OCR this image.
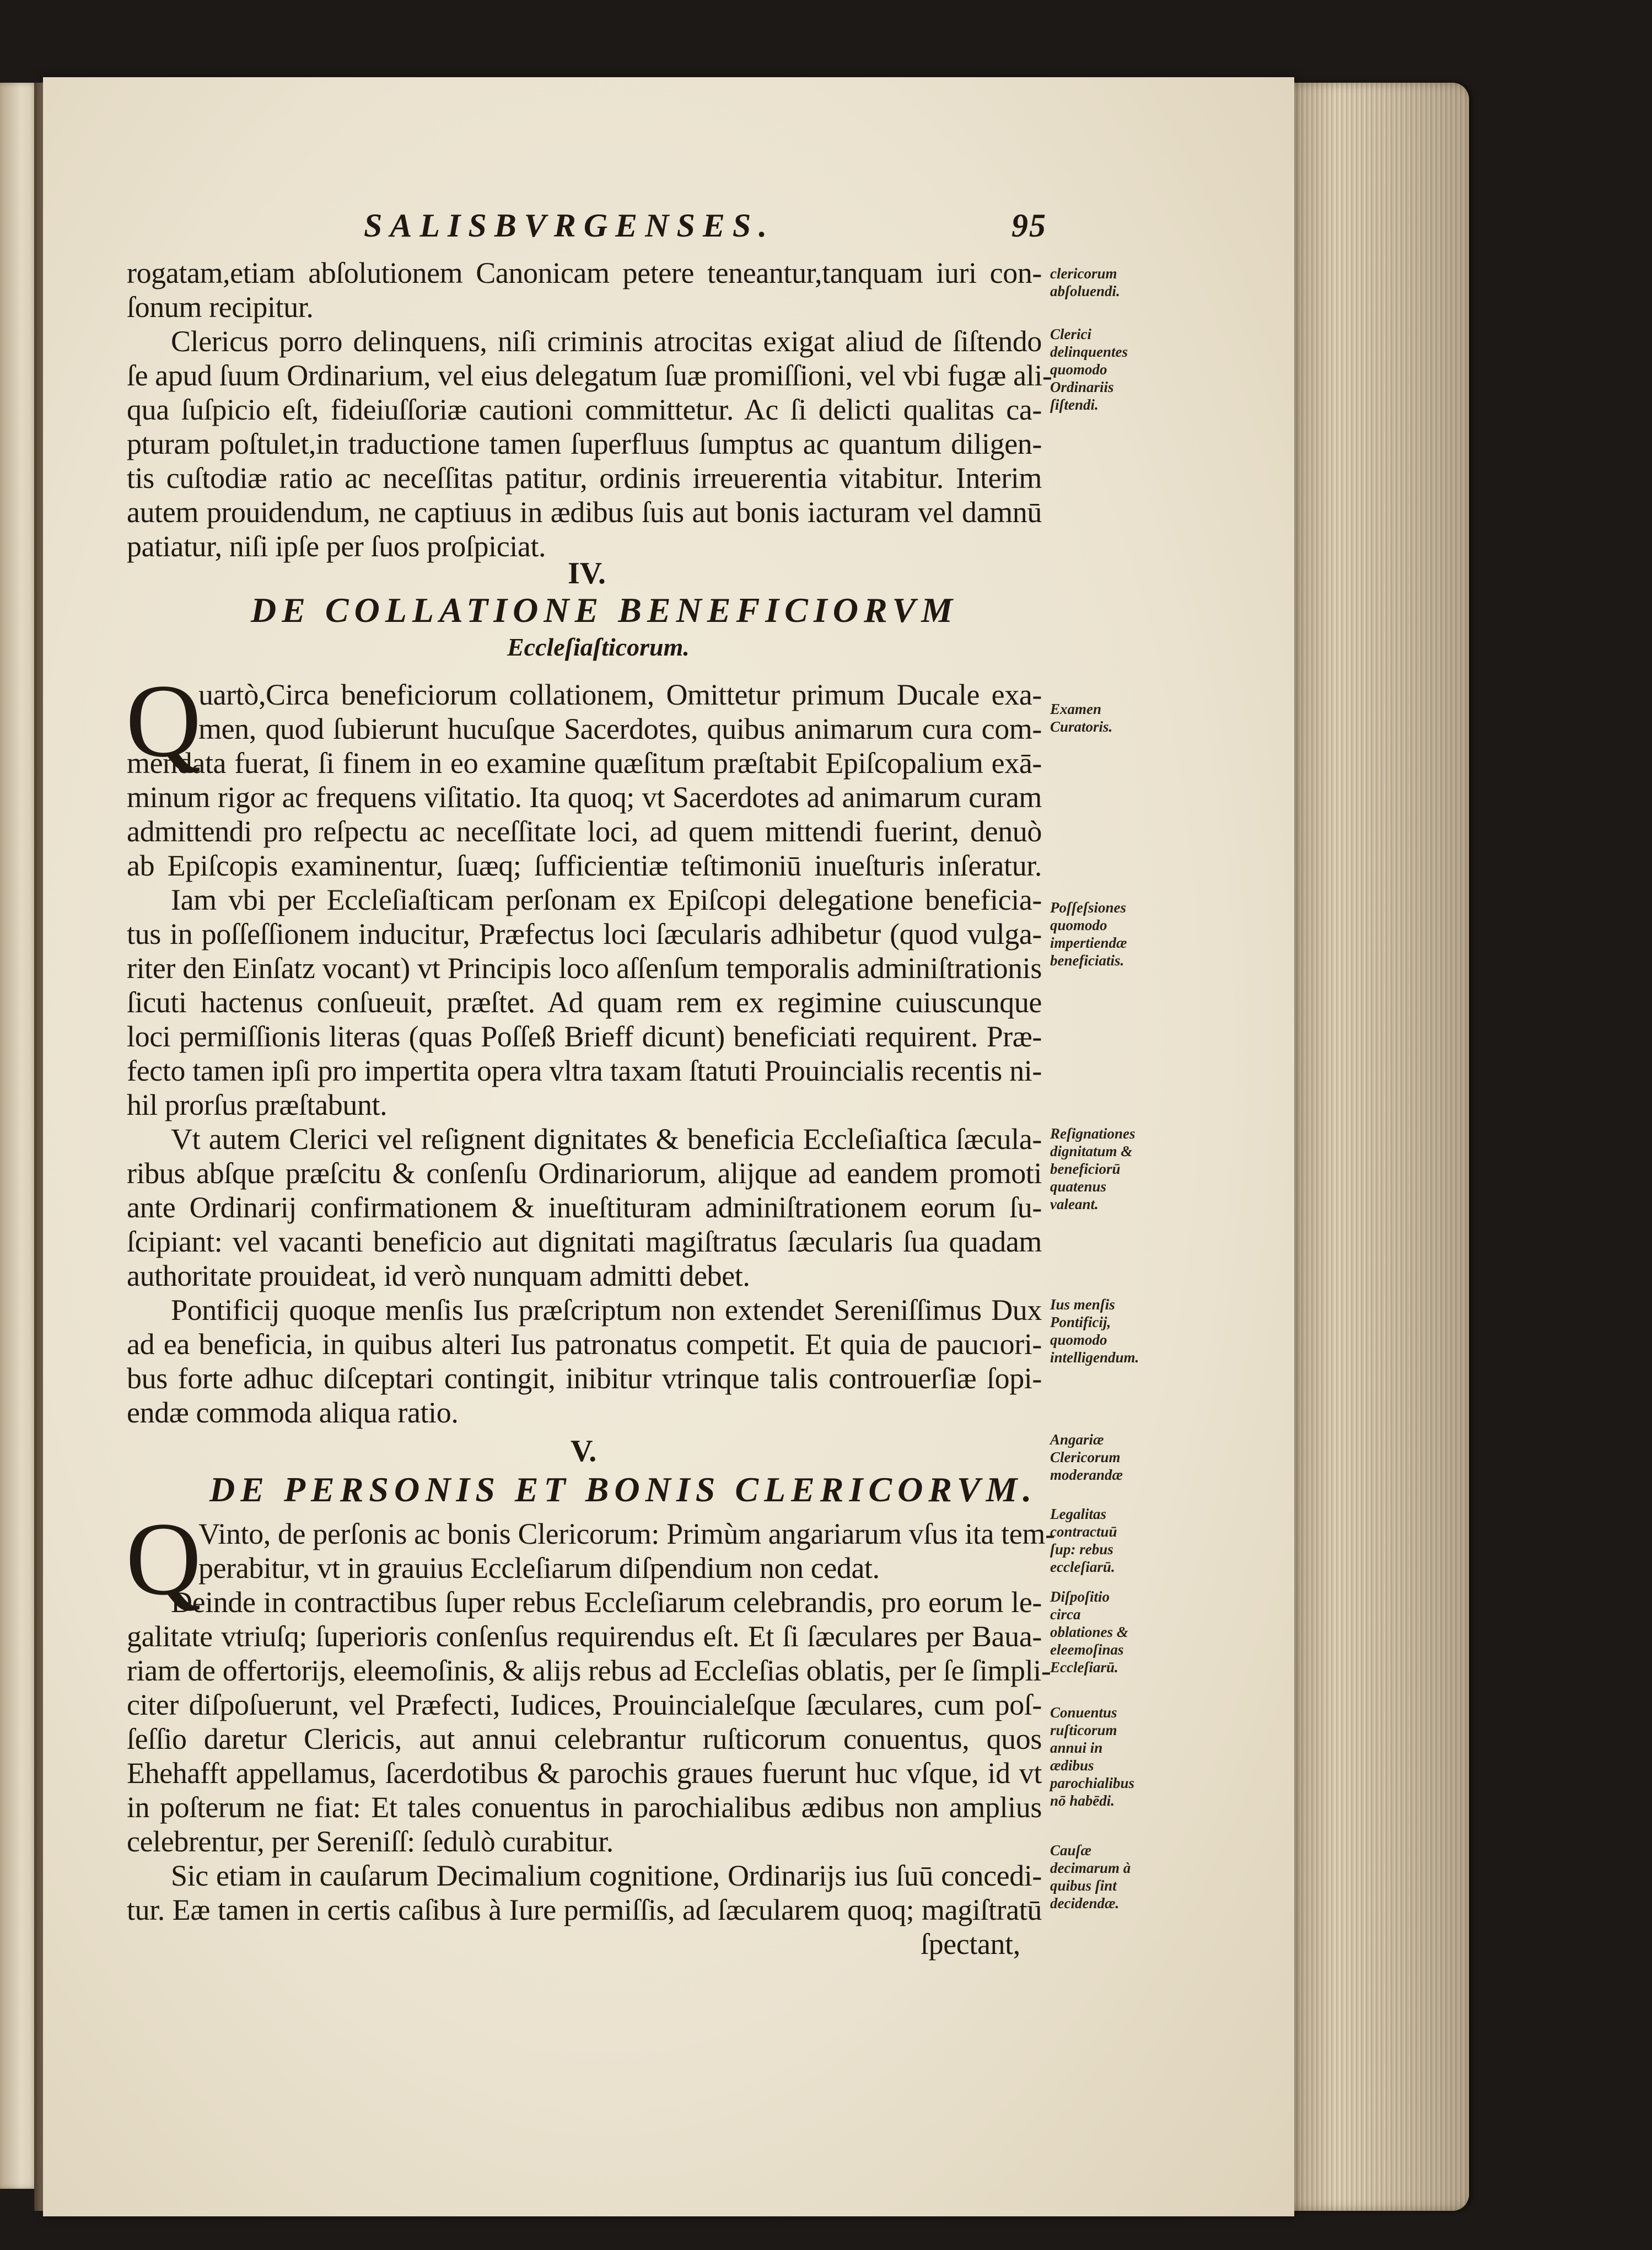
SALISBVRGENSES.	95
rogatam,etiam abſolutionem Canonicam petere teneantur,tanquam iuri con-
ſonum recipitur.
Clericus porro delinquens, niſi criminis atrocitas exigat aliud de ſiſtendo
ſe apud ſuum Ordinarium, vel eius delegatum ſuæ promiſſioni, vel vbi fugæ ali-
qua ſuſpicio eſt, fideiuſſoriæ cautioni committetur. Ac ſi delicti qualitas ca-
pturam poſtulet,in traductione tamen ſuperfluus ſumptus ac quantum diligen-
tis cuſtodiæ ratio ac neceſſitas patitur, ordinis irreuerentia vitabitur. Interim
autem prouidendum, ne captiuus in ædibus ſuis aut bonis iacturam vel damnū
patiatur, niſi ipſe per ſuos proſpiciat.
IV.
DE COLLATIONE BENEFICIORVM
Eccleſiaſticorum.
Q
uartò,Circa beneficiorum collationem, Omittetur primum Ducale exa-
men, quod ſubierunt hucuſque Sacerdotes, quibus animarum cura com-
mendata fuerat, ſi finem in eo examine quæſitum præſtabit Epiſcopalium exā-
minum rigor ac frequens viſitatio. Ita quoq; vt Sacerdotes ad animarum curam
admittendi pro reſpectu ac neceſſitate loci, ad quem mittendi fuerint, denuò
ab Epiſcopis examinentur, ſuæq; ſufficientiæ teſtimoniū inueſturis inſeratur.
Iam vbi per Eccleſiaſticam perſonam ex Epiſcopi delegatione beneficia-
tus in poſſeſſionem inducitur, Præfectus loci ſæcularis adhibetur (quod vulga-
riter den Einſatz vocant) vt Principis loco aſſenſum temporalis adminiſtrationis
ſicuti hactenus conſueuit, præſtet. Ad quam rem ex regimine cuiuscunque
loci permiſſionis literas (quas Poſſeß Brieff dicunt) beneficiati requirent. Præ-
fecto tamen ipſi pro impertita opera vltra taxam ſtatuti Prouincialis recentis ni-
hil prorſus præſtabunt.
Vt autem Clerici vel reſignent dignitates & beneficia Eccleſiaſtica ſæcula-
ribus abſque præſcitu & conſenſu Ordinariorum, alijque ad eandem promoti
ante Ordinarij confirmationem & inueſtituram adminiſtrationem eorum ſu-
ſcipiant: vel vacanti beneficio aut dignitati magiſtratus ſæcularis ſua quadam
authoritate prouideat, id verò nunquam admitti debet.
Pontificij quoque menſis Ius præſcriptum non extendet Sereniſſimus Dux
ad ea beneficia, in quibus alteri Ius patronatus competit. Et quia de paucıori-
bus forte adhuc diſceptari contingit, inibitur vtrinque talis controuerſiæ ſopi-
endæ commoda aliqua ratio.
V.
DE PERSONIS ET BONIS CLERICORVM.
Q
Vinto, de perſonis ac bonis Clericorum: Primùm angariarum vſus ita tem-
perabitur, vt in grauius Eccleſiarum diſpendium non cedat.
Deinde in contractibus ſuper rebus Eccleſiarum celebrandis, pro eorum le-
galitate vtriuſq; ſuperioris conſenſus requirendus eſt. Et ſi ſæculares per Baua-
riam de offertorijs, eleemoſinis, & alijs rebus ad Eccleſias oblatis, per ſe ſimpli-
citer diſpoſuerunt, vel Præfecti, Iudices, Prouincialeſque ſæculares, cum poſ-
ſeſſio daretur Clericis, aut annui celebrantur ruſticorum conuentus, quos
Ehehafft appellamus, ſacerdotibus & parochis graues fuerunt huc vſque, id vt
in poſterum ne fiat: Et tales conuentus in parochialibus ædibus non amplius
celebrentur, per Sereniſſ: ſedulò curabitur.
Sic etiam in cauſarum Decimalium cognitione, Ordinarijs ius ſuū concedi-
tur. Eæ tamen in certis caſibus à Iure permiſſis, ad ſæcularem quoq; magiſtratū
ſpectant,
clericorum abſoluendi.
Clerici delinquentes quomodo Ordinariis ſiſtendi.
Examen Curatoris.
Poſſeſsiones quomodo impertiendæ beneficiatis.
Reſignationes dignitatum & beneficiorū quatenus valeant.
Ius menſis Pontificij, quomodo intelligendum.
Angariæ Clericorum moderandæ
Legalitas contractuū ſup: rebus eccleſiarū.
Diſpoſitio circa oblationes & eleemoſinas Eccleſiarū.
Conuentus ruſticorum annui in ædibus parochialibus nō habēdi.
Cauſæ decimarum à quibus ſint decidendæ.
